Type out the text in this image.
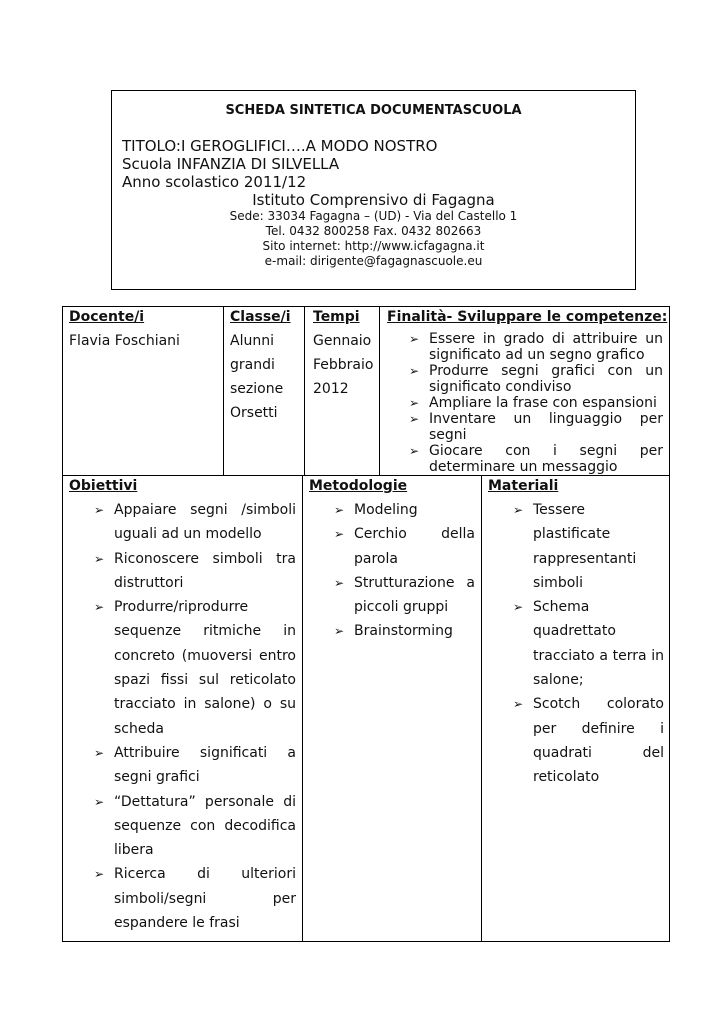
SCHEDA SINTETICA DOCUMENTASCUOLA
TITOLO:I GEROGLIFICI….A MODO NOSTRO
Scuola INFANZIA DI SILVELLA
Anno scolastico 2011/12
Istituto Comprensivo di Fagagna
Sede: 33034 Fagagna – (UD) - Via del Castello 1
Tel. 0432 800258 Fax. 0432 802663
Sito internet: http://www.icfagagna.it
e-mail: dirigente@fagagnascuole.eu
Docente/i
Flavia Foschiani
Classe/i
Alunni
grandi
sezione
Orsetti
Tempi
Gennaio
Febbraio
2012
Finalità- Sviluppare le competenze:
➢ Essere in grado di attribuire un significato ad un segno grafico
➢ Produrre segni grafici con un significato condiviso
➢ Ampliare la frase con espansioni
➢ Inventare un linguaggio per segni
➢ Giocare con i segni per determinare un messaggio
Obiettivi
➢ Appaiare segni /simboli uguali ad un modello
➢ Riconoscere simboli tra distruttori
➢ Produrre/riprodurre sequenze ritmiche in concreto (muoversi entro spazi fissi sul reticolato tracciato in salone) o su scheda
➢ Attribuire significati a segni grafici
➢ “Dettatura” personale di sequenze con decodifica libera
➢ Ricerca di ulteriori simboli/segni per espandere le frasi
Metodologie
➢ Modeling
➢ Cerchio della parola
➢ Strutturazione a piccoli gruppi
➢ Brainstorming
Materiali
➢ Tessere plastificate rappresentanti simboli
➢ Schema quadrettato tracciato a terra in salone;
➢ Scotch colorato per definire i quadrati del reticolato
